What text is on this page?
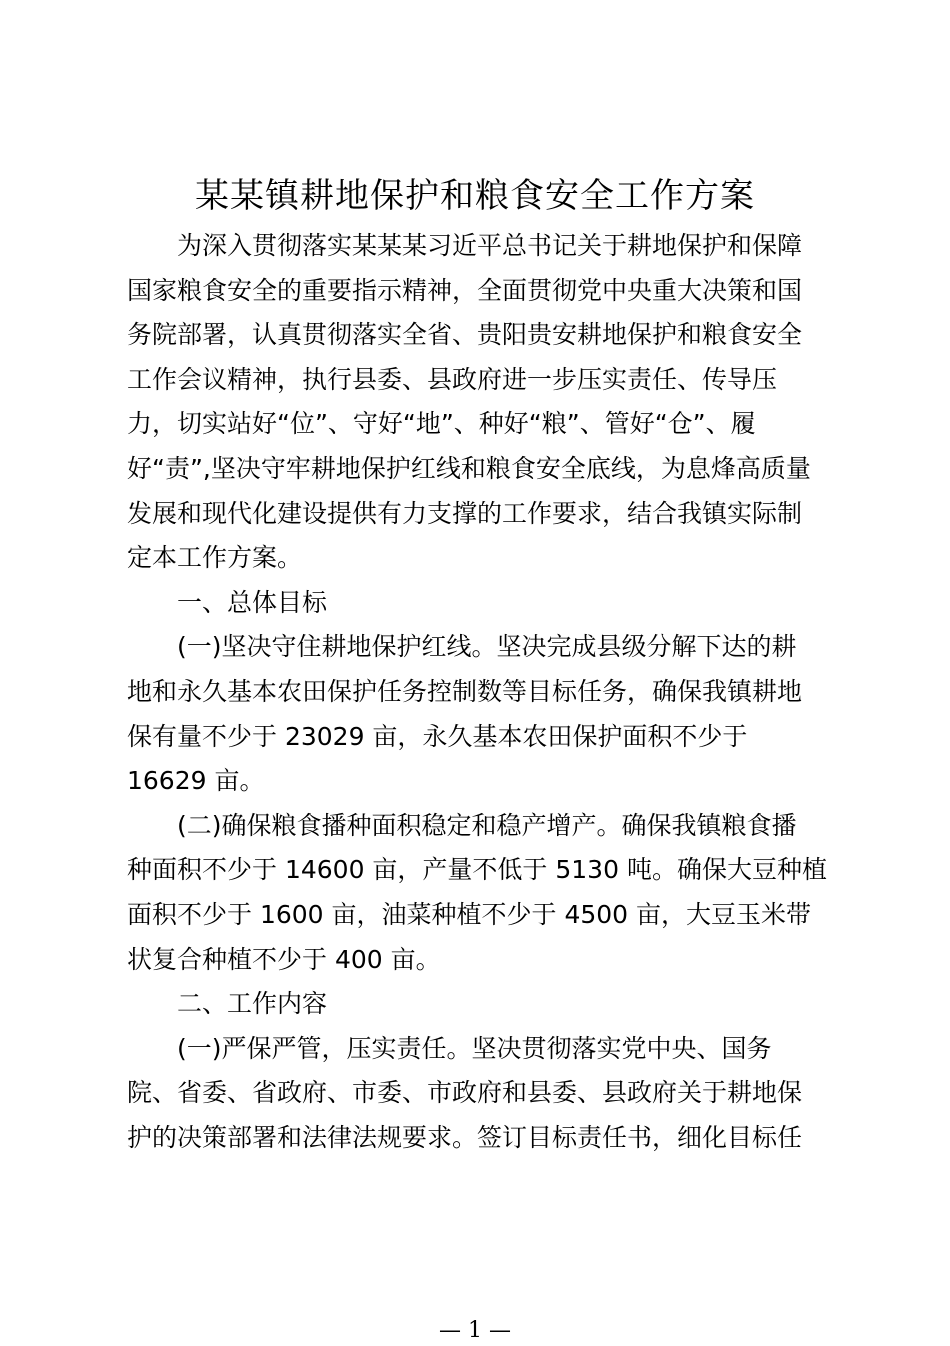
某某镇耕地保护和粮食安全工作方案

为深入贯彻落实某某某习近平总书记关于耕地保护和保障
国家粮食安全的重要指示精神，全面贯彻党中央重大决策和国
务院部署，认真贯彻落实全省、贵阳贵安耕地保护和粮食安全
工作会议精神，执行县委、县政府进一步压实责任、传导压
力，切实站好“位”、守好“地”、种好“粮”、管好“仓”、履
好“责”,坚决守牢耕地保护红线和粮食安全底线，为息烽高质量
发展和现代化建设提供有力支撑的工作要求，结合我镇实际制
定本工作方案。

一、总体目标

(一)坚决守住耕地保护红线。坚决完成县级分解下达的耕
地和永久基本农田保护任务控制数等目标任务，确保我镇耕地
保有量不少于 23029 亩，永久基本农田保护面积不少于
16629 亩。

(二)确保粮食播种面积稳定和稳产增产。确保我镇粮食播
种面积不少于 14600 亩，产量不低于 5130 吨。确保大豆种植
面积不少于 1600 亩，油菜种植不少于 4500 亩，大豆玉米带
状复合种植不少于 400 亩。

二、工作内容

(一)严保严管，压实责任。坚决贯彻落实党中央、国务
院、省委、省政府、市委、市政府和县委、县政府关于耕地保
护的决策部署和法律法规要求。签订目标责任书，细化目标任

— 1 —
